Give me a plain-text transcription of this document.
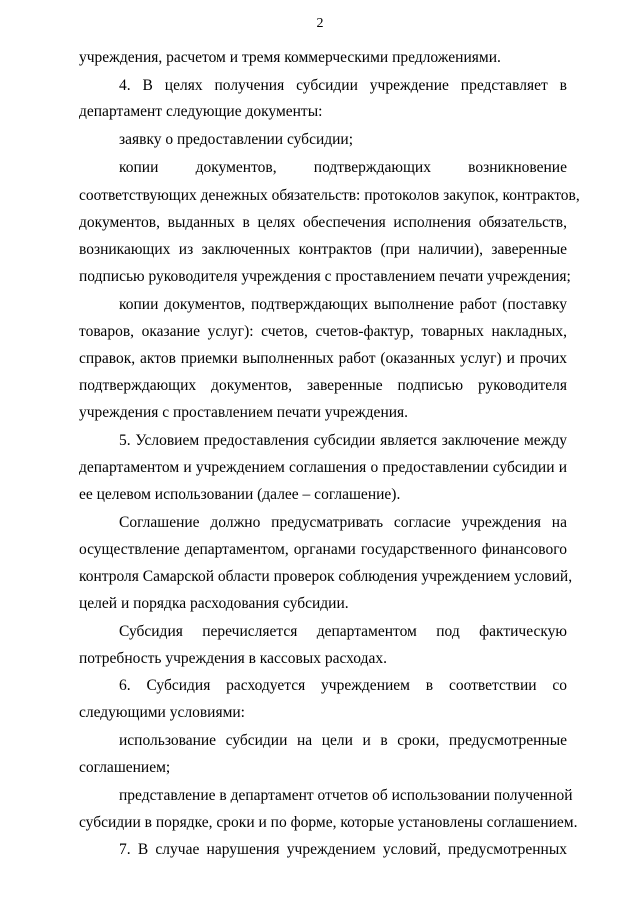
2
учреждения, расчетом и тремя коммерческими предложениями.
4. В целях получения субсидии учреждение представляет в
департамент следующие документы:
заявку о предоставлении субсидии;
копии документов, подтверждающих возникновение
соответствующих денежных обязательств: протоколов закупок, контрактов,
документов, выданных в целях обеспечения исполнения обязательств,
возникающих из заключенных контрактов (при наличии), заверенные
подписью руководителя учреждения с проставлением печати учреждения;
копии документов, подтверждающих выполнение работ (поставку
товаров, оказание услуг): счетов, счетов-фактур, товарных накладных,
справок, актов приемки выполненных работ (оказанных услуг) и прочих
подтверждающих документов, заверенные подписью руководителя
учреждения с проставлением печати учреждения.
5. Условием предоставления субсидии является заключение между
департаментом и учреждением соглашения о предоставлении субсидии и
ее целевом использовании (далее – соглашение).
Соглашение должно предусматривать согласие учреждения на
осуществление департаментом, органами государственного финансового
контроля Самарской области проверок соблюдения учреждением условий,
целей и порядка расходования субсидии.
Субсидия перечисляется департаментом под фактическую
потребность учреждения в кассовых расходах.
6. Субсидия расходуется учреждением в соответствии со
следующими условиями:
использование субсидии на цели и в сроки, предусмотренные
соглашением;
представление в департамент отчетов об использовании полученной
субсидии в порядке, сроки и по форме, которые установлены соглашением.
7. В случае нарушения учреждением условий, предусмотренных
